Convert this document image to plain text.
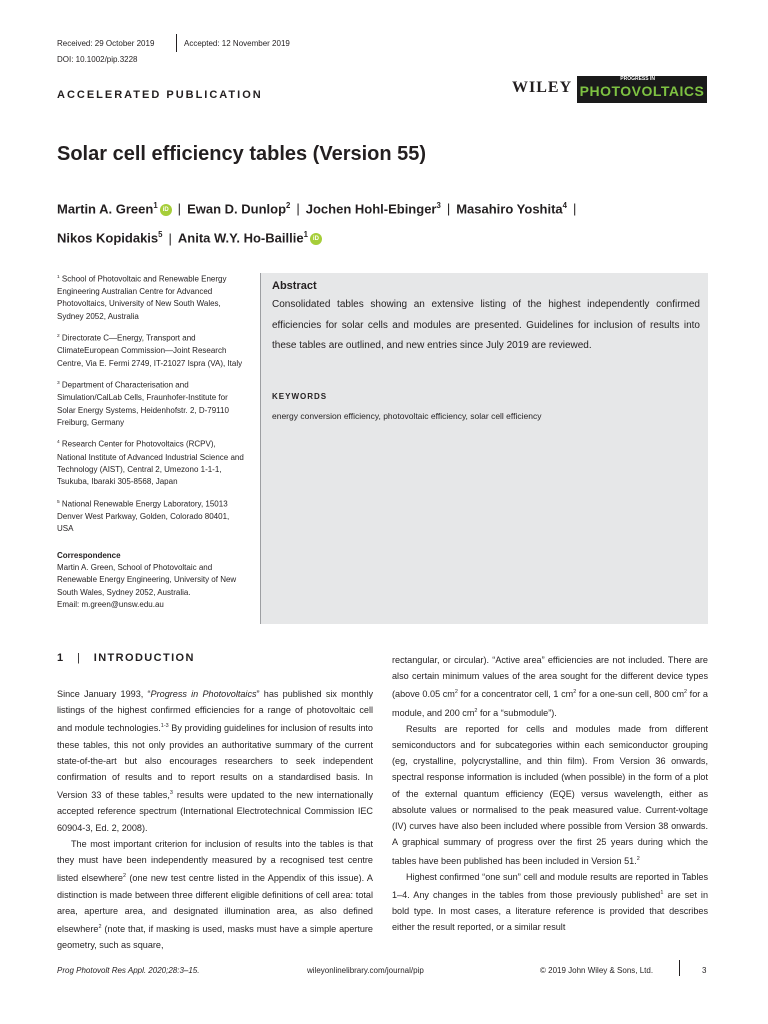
Received: 29 October 2019	Accepted: 12 November 2019
DOI: 10.1002/pip.3228
ACCELERATED PUBLICATION	WILEY	PROGRESS IN
PHOTOVOLTAICS
Solar cell efficiency tables (Version 55)
Martin A. Green$^1$ iD | Ewan D. Dunlop$^2$ | Jochen Hohl-Ebinger$^3$ | Masahiro Yoshita$^4$ |
Nikos Kopidakis$^5$ | Anita W.Y. Ho-Baillie$^1$ iD

$^1$ School of Photovoltaic and Renewable Energy Engineering Australian Centre for Advanced Photovoltaics, University of New South Wales, Sydney 2052, Australia

$^2$ Directorate C—Energy, Transport and ClimateEuropean Commission—Joint Research Centre, Via E. Fermi 2749, IT-21027 Ispra (VA), Italy

$^3$ Department of Characterisation and Simulation/CalLab Cells, Fraunhofer-Institute for Solar Energy Systems, Heidenhofstr. 2, D-79110 Freiburg, Germany

$^4$ Research Center for Photovoltaics (RCPV), National Institute of Advanced Industrial Science and Technology (AIST), Central 2, Umezono 1-1-1, Tsukuba, Ibaraki 305-8568, Japan

$^5$ National Renewable Energy Laboratory, 15013 Denver West Parkway, Golden, Colorado 80401, USA

Correspondence
Martin A. Green, School of Photovoltaic and Renewable Energy Engineering, University of New South Wales, Sydney 2052, Australia.
Email: m.green@unsw.edu.au
Abstract
Consolidated tables showing an extensive listing of the highest independently confirmed efficiencies for solar cells and modules are presented. Guidelines for inclusion of results into these tables are outlined, and new entries since July 2019 are reviewed.
KEYWORDS
energy conversion efficiency, photovoltaic efficiency, solar cell efficiency
1 | INTRODUCTION

Since January 1993, “Progress in Photovoltaics” has published six monthly listings of the highest confirmed efficiencies for a range of photovoltaic cell and module technologies.$^{1-3}$ By providing guidelines for inclusion of results into these tables, this not only provides an authoritative summary of the current state-of-the-art but also encourages researchers to seek independent confirmation of results and to report results on a standardised basis. In Version 33 of these tables,$^3$ results were updated to the new internationally accepted reference spectrum (International Electrotechnical Commission IEC 60904-3, Ed. 2, 2008).

The most important criterion for inclusion of results into the tables is that they must have been independently measured by a recognised test centre listed elsewhere$^2$ (one new test centre listed in the Appendix of this issue). A distinction is made between three different eligible definitions of cell area: total area, aperture area, and designated illumination area, as also defined elsewhere$^2$ (note that, if masking is used, masks must have a simple aperture geometry, such as square,

rectangular, or circular). “Active area” efficiencies are not included. There are also certain minimum values of the area sought for the different device types (above 0.05 $cm^2$ for a concentrator cell, 1 $cm^2$ for a one-sun cell, 800 $cm^2$ for a module, and 200 $cm^2$ for a “submodule”).

Results are reported for cells and modules made from different semiconductors and for subcategories within each semiconductor grouping (eg, crystalline, polycrystalline, and thin film). From Version 36 onwards, spectral response information is included (when possible) in the form of a plot of the external quantum efficiency (EQE) versus wavelength, either as absolute values or normalised to the peak measured value. Current-voltage (IV) curves have also been included where possible from Version 38 onwards. A graphical summary of progress over the first 25 years during which the tables have been published has been included in Version 51.$^2$

Highest confirmed “one sun” cell and module results are reported in Tables 1–4. Any changes in the tables from those previously published$^1$ are set in bold type. In most cases, a literature reference is provided that describes either the result reported, or a similar result

Prog Photovolt Res Appl. 2020;28:3–15.	wileyonlinelibrary.com/journal/pip	© 2019 John Wiley & Sons, Ltd.	3
